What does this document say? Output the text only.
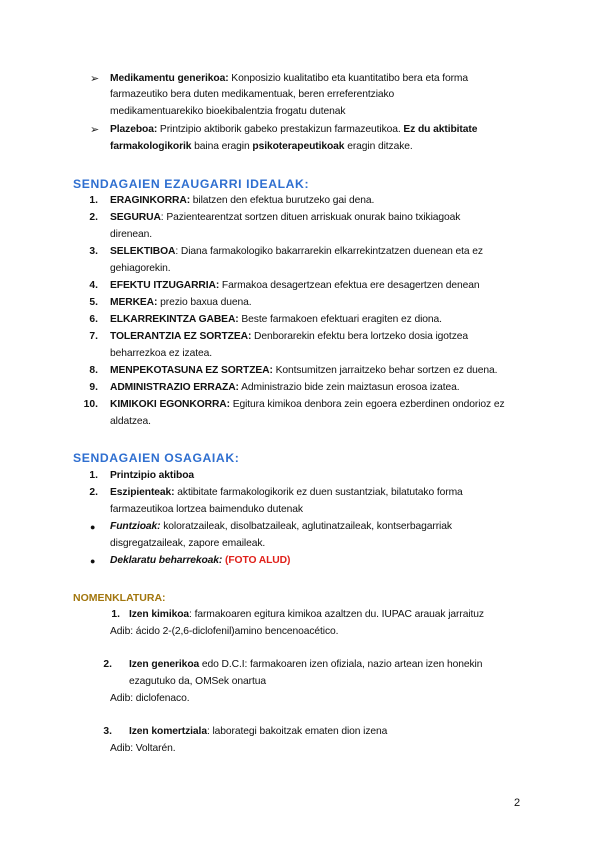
➢ Medikamentu generikoa: Konposizio kualitatibo eta kuantitatibo bera eta forma
farmazeutiko bera duten medikamentuak, beren erreferentziako
medikamentuarekiko bioekibalentzia frogatu dutenak
➢ Plazeboa: Printzipio aktiborik gabeko prestakizun farmazeutikoa. Ez du aktibitate
farmakologikorik baina eragin psikoterapeutikoak eragin ditzake.
SENDAGAIEN EZAUGARRI IDEALAK:
1. ERAGINKORRA: bilatzen den efektua burutzeko gai dena.
2. SEGURUA: Pazientearentzat sortzen dituen arriskuak onurak baino txikiagoak
direnean.
3. SELEKTIBOA: Diana farmakologiko bakarrarekin elkarrekintzatzen duenean eta ez
gehiagorekin.
4. EFEKTU ITZUGARRIA: Farmakoa desagertzean efektua ere desagertzen denean
5. MERKEA: prezio baxua duena.
6. ELKARREKINTZA GABEA: Beste farmakoen efektuari eragiten ez diona.
7. TOLERANTZIA EZ SORTZEA: Denborarekin efektu bera lortzeko dosia igotzea
beharrezkoa ez izatea.
8. MENPEKOTASUNA EZ SORTZEA: Kontsumitzen jarraitzeko behar sortzen ez duena.
9. ADMINISTRAZIO ERRAZA: Administrazio bide zein maiztasun erosoa izatea.
10. KIMIKOKI EGONKORRA: Egitura kimikoa denbora zein egoera ezberdinen ondorioz ez
aldatzea.
SENDAGAIEN OSAGAIAK:
1. Printzipio aktiboa
2. Eszipienteak: aktibitate farmakologikorik ez duen sustantziak, bilatutako forma
farmazeutikoa lortzea baimenduko dutenak
● Funtzioak: koloratzaileak, disolbatzaileak, aglutinatzaileak, kontserbagarriak
disgregatzaileak, zapore emaileak.
● Deklaratu beharrekoak: (FOTO ALUD)
NOMENKLATURA:
1. Izen kimikoa: farmakoaren egitura kimikoa azaltzen du. IUPAC arauak jarraituz
Adib: ácido 2-(2,6-diclofenil)amino bencenoacético.
2. Izen generikoa edo D.C.I: farmakoaren izen ofiziala, nazio artean izen honekin
ezagutuko da, OMSek onartua
Adib: diclofenaco.
3. Izen komertziala: laborategi bakoitzak ematen dion izena
Adib: Voltarén.
2
